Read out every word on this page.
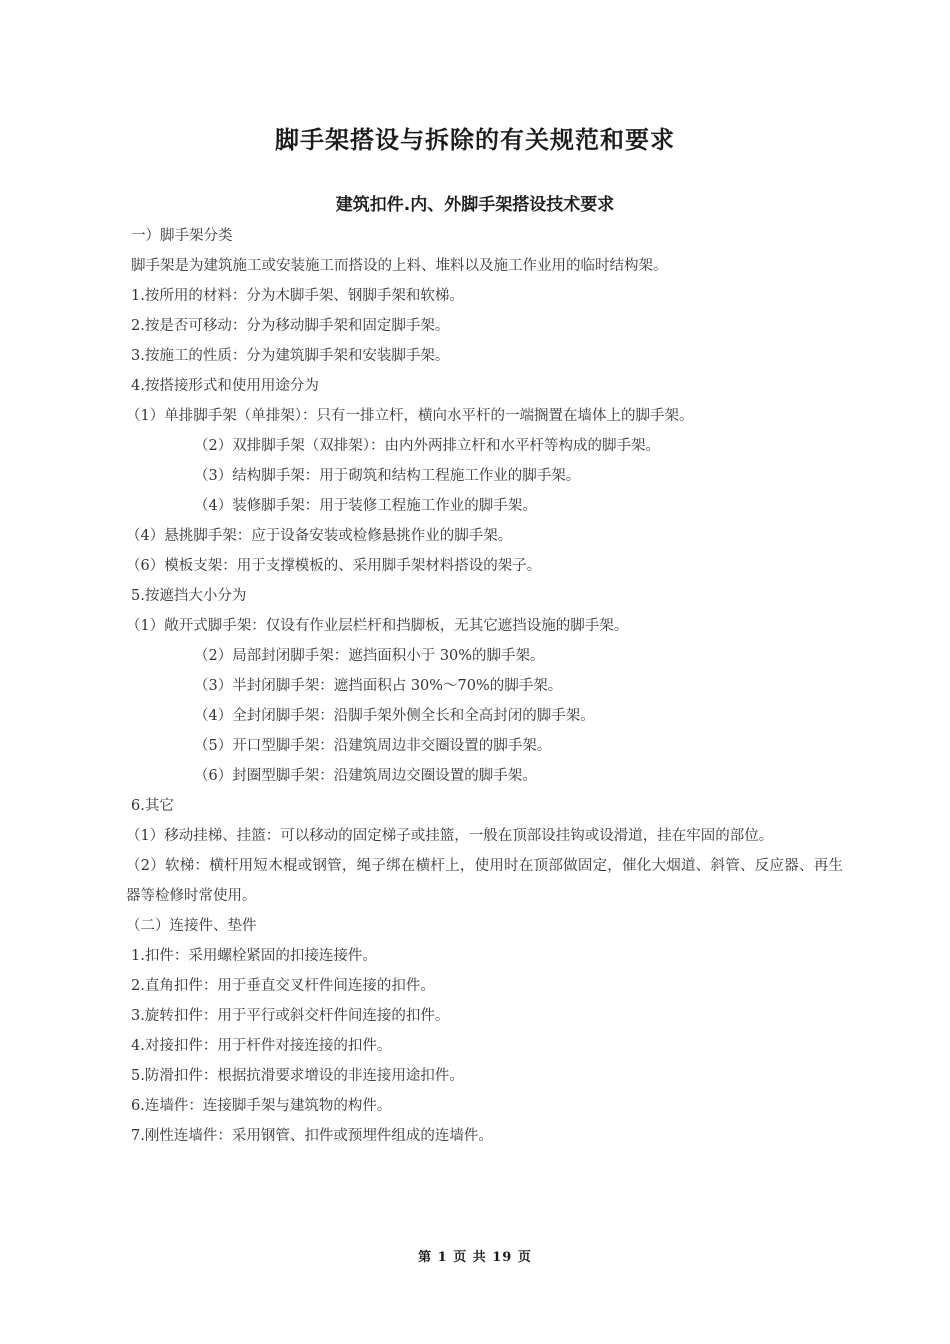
脚手架搭设与拆除的有关规范和要求
建筑扣件.内、外脚手架搭设技术要求
一）脚手架分类
脚手架是为建筑施工或安装施工而搭设的上料、堆料以及施工作业用的临时结构架。
1.按所用的材料：分为木脚手架、钢脚手架和软梯。
2.按是否可移动：分为移动脚手架和固定脚手架。
3.按施工的性质：分为建筑脚手架和安装脚手架。
4.按搭接形式和使用用途分为
（1）单排脚手架（单排架）：只有一排立杆，横向水平杆的一端搁置在墙体上的脚手架。
（2）双排脚手架（双排架）：由内外两排立杆和水平杆等构成的脚手架。
（3）结构脚手架：用于砌筑和结构工程施工作业的脚手架。
（4）装修脚手架：用于装修工程施工作业的脚手架。
（4）悬挑脚手架：应于设备安装或检修悬挑作业的脚手架。
（6）模板支架：用于支撑模板的、采用脚手架材料搭设的架子。
5.按遮挡大小分为
（1）敞开式脚手架：仅设有作业层栏杆和挡脚板，无其它遮挡设施的脚手架。
（2）局部封闭脚手架：遮挡面积小于 30%的脚手架。
（3）半封闭脚手架：遮挡面积占 30%～70%的脚手架。
（4）全封闭脚手架：沿脚手架外侧全长和全高封闭的脚手架。
（5）开口型脚手架：沿建筑周边非交圈设置的脚手架。
（6）封圈型脚手架：沿建筑周边交圈设置的脚手架。
6.其它
（1）移动挂梯、挂篮：可以移动的固定梯子或挂篮，一般在顶部设挂钩或设滑道，挂在牢固的部位。
（2）软梯：横杆用短木棍或钢管，绳子绑在横杆上，使用时在顶部做固定，催化大烟道、斜管、反应器、再生器等检修时常使用。
（二）连接件、垫件
1.扣件：采用螺栓紧固的扣接连接件。
2.直角扣件：用于垂直交叉杆件间连接的扣件。
3.旋转扣件：用于平行或斜交杆件间连接的扣件。
4.对接扣件：用于杆件对接连接的扣件。
5.防滑扣件：根据抗滑要求增设的非连接用途扣件。
6.连墙件：连接脚手架与建筑物的构件。
7.刚性连墙件：采用钢管、扣件或预埋件组成的连墙件。
第 1 页 共 19 页
